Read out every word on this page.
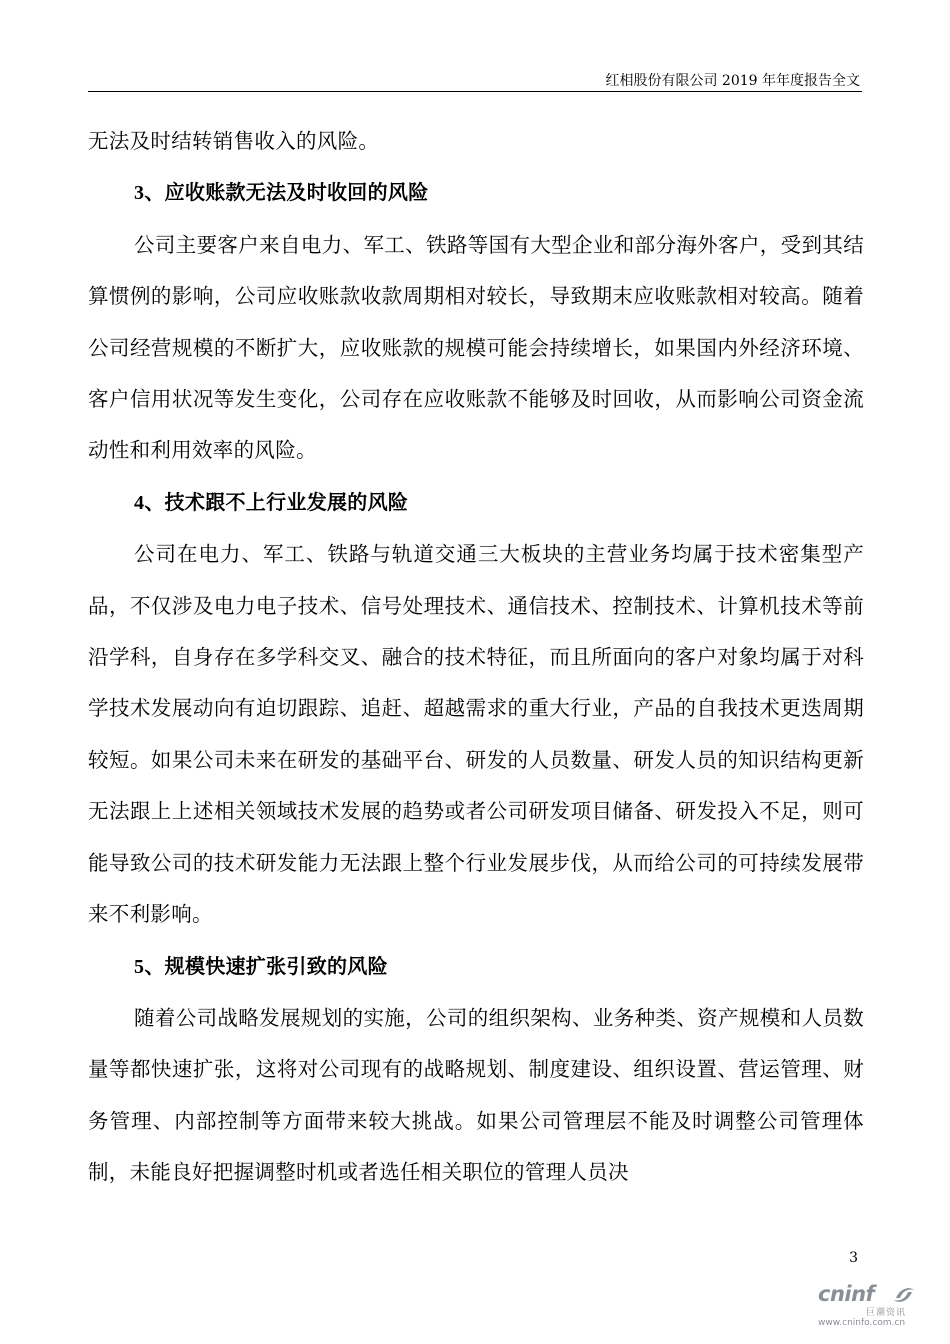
红相股份有限公司 2019 年年度报告全文

无法及时结转销售收入的风险。

3、应收账款无法及时收回的风险

公司主要客户来自电力、军工、铁路等国有大型企业和部分海外客户，受到其结算惯例的影响，公司应收账款收款周期相对较长，导致期末应收账款相对较高。随着公司经营规模的不断扩大，应收账款的规模可能会持续增长，如果国内外经济环境、客户信用状况等发生变化，公司存在应收账款不能够及时回收，从而影响公司资金流动性和利用效率的风险。

4、技术跟不上行业发展的风险

公司在电力、军工、铁路与轨道交通三大板块的主营业务均属于技术密集型产品，不仅涉及电力电子技术、信号处理技术、通信技术、控制技术、计算机技术等前沿学科，自身存在多学科交叉、融合的技术特征，而且所面向的客户对象均属于对科学技术发展动向有迫切跟踪、追赶、超越需求的重大行业，产品的自我技术更迭周期较短。如果公司未来在研发的基础平台、研发的人员数量、研发人员的知识结构更新无法跟上上述相关领域技术发展的趋势或者公司研发项目储备、研发投入不足，则可能导致公司的技术研发能力无法跟上整个行业发展步伐，从而给公司的可持续发展带来不利影响。

5、规模快速扩张引致的风险

随着公司战略发展规划的实施，公司的组织架构、业务种类、资产规模和人员数量等都快速扩张，这将对公司现有的战略规划、制度建设、组织设置、营运管理、财务管理、内部控制等方面带来较大挑战。如果公司管理层不能及时调整公司管理体制，未能良好把握调整时机或者选任相关职位的管理人员决

3
cninf
巨潮资讯
www.cninfo.com.cn
